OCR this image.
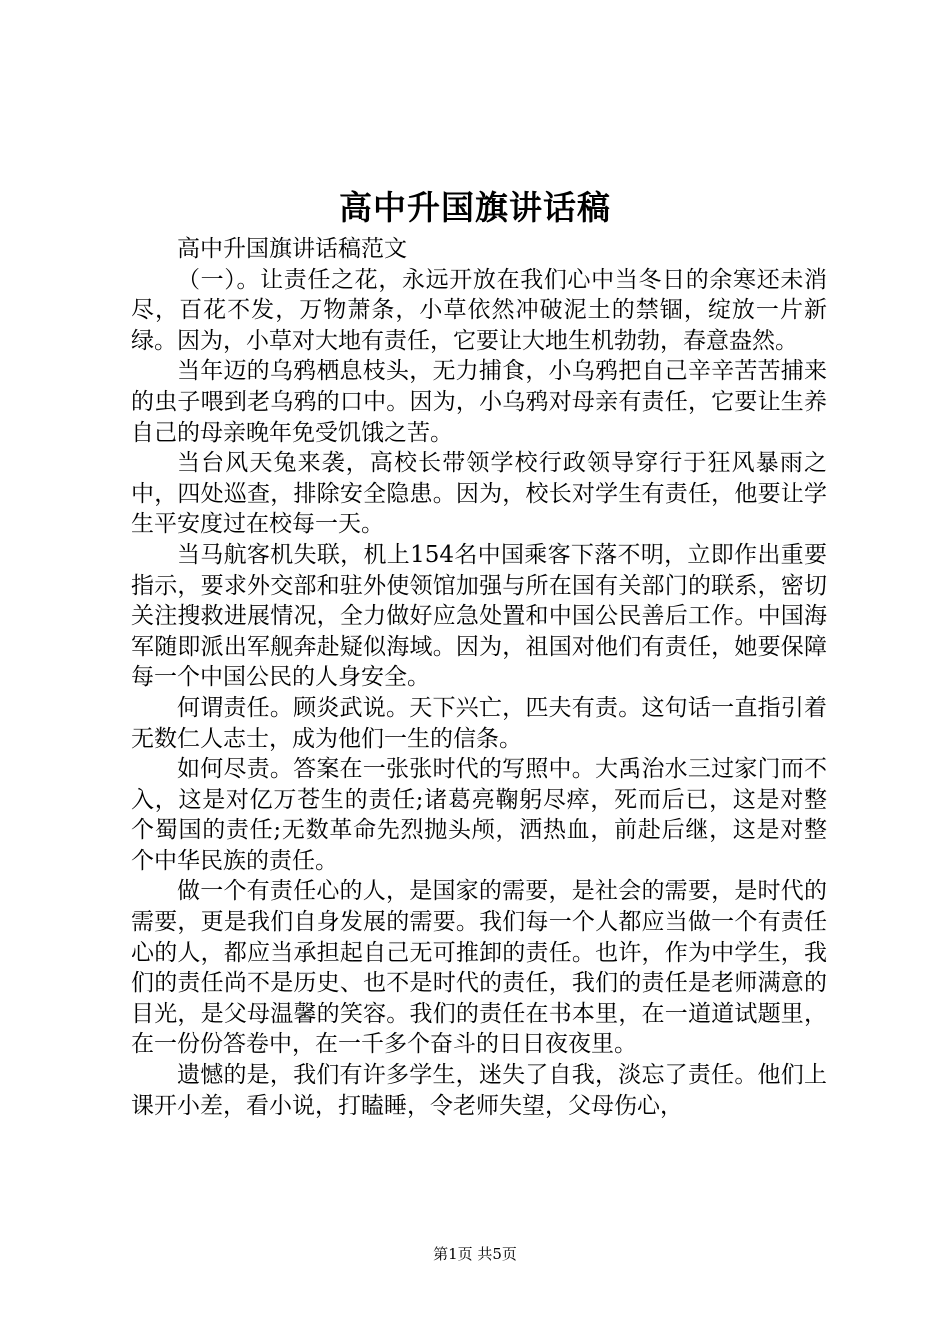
高中升国旗讲话稿

高中升国旗讲话稿范文

（一）。让责任之花，永远开放在我们心中当冬日的余寒还未消尽，百花不发，万物萧条，小草依然冲破泥土的禁锢，绽放一片新绿。因为，小草对大地有责任，它要让大地生机勃勃，春意盎然。

当年迈的乌鸦栖息枝头，无力捕食，小乌鸦把自己辛辛苦苦捕来的虫子喂到老乌鸦的口中。因为，小乌鸦对母亲有责任，它要让生养自己的母亲晚年免受饥饿之苦。

当台风天兔来袭，高校长带领学校行政领导穿行于狂风暴雨之中，四处巡查，排除安全隐患。因为，校长对学生有责任，他要让学生平安度过在校每一天。

当马航客机失联，机上154名中国乘客下落不明，立即作出重要指示，要求外交部和驻外使领馆加强与所在国有关部门的联系，密切关注搜救进展情况，全力做好应急处置和中国公民善后工作。中国海军随即派出军舰奔赴疑似海域。因为，祖国对他们有责任，她要保障每一个中国公民的人身安全。

何谓责任。顾炎武说。天下兴亡，匹夫有责。这句话一直指引着无数仁人志士，成为他们一生的信条。

如何尽责。答案在一张张时代的写照中。大禹治水三过家门而不入，这是对亿万苍生的责任;诸葛亮鞠躬尽瘁，死而后已，这是对整个蜀国的责任;无数革命先烈抛头颅，洒热血，前赴后继，这是对整个中华民族的责任。

做一个有责任心的人，是国家的需要，是社会的需要，是时代的需要，更是我们自身发展的需要。我们每一个人都应当做一个有责任心的人，都应当承担起自己无可推卸的责任。也许，作为中学生，我们的责任尚不是历史、也不是时代的责任，我们的责任是老师满意的目光，是父母温馨的笑容。我们的责任在书本里，在一道道试题里，在一份份答卷中，在一千多个奋斗的日日夜夜里。

遗憾的是，我们有许多学生，迷失了自我，淡忘了责任。他们上课开小差，看小说，打瞌睡，令老师失望，父母伤心，

第1页 共5页
